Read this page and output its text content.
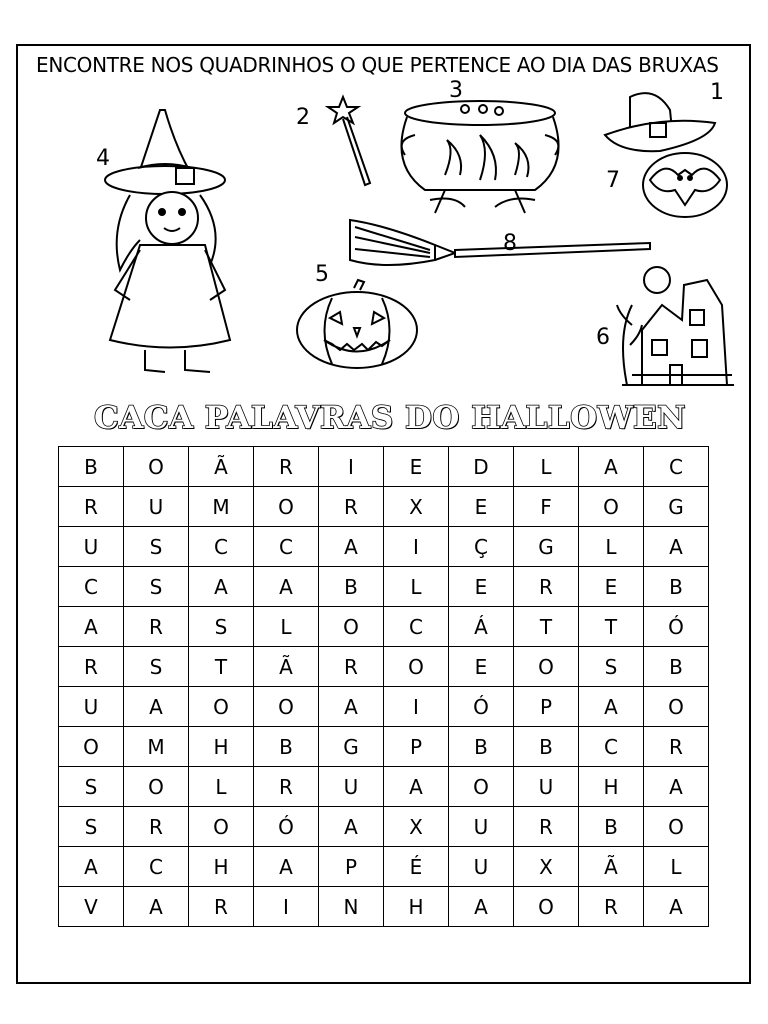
ENCONTRE NOS QUADRINHOS O QUE PERTENCE AO DIA DAS BRUXAS
4
2
3	1
7
8
5
6
CACA PALAVRAS DO HALLOWEN
B	O	Ã	R	I	E	D	L	A	C
R	U	M	O	R	X	E	F	O	G
U	S	C	C	A	I	Ç	G	L	A
C	S	A	A	B	L	E	R	E	B
A	R	S	L	O	C	Á	T	T	Ó
R	S	T	Ã	R	O	E	O	S	B
U	A	O	O	A	I	Ó	P	A	O
O	M	H	B	G	P	B	B	C	R
S	O	L	R	U	A	O	U	H	A
S	R	O	Ó	A	X	U	R	B	O
A	C	H	A	P	É	U	X	Ã	L
V	A	R	I	N	H	A	O	R	A
